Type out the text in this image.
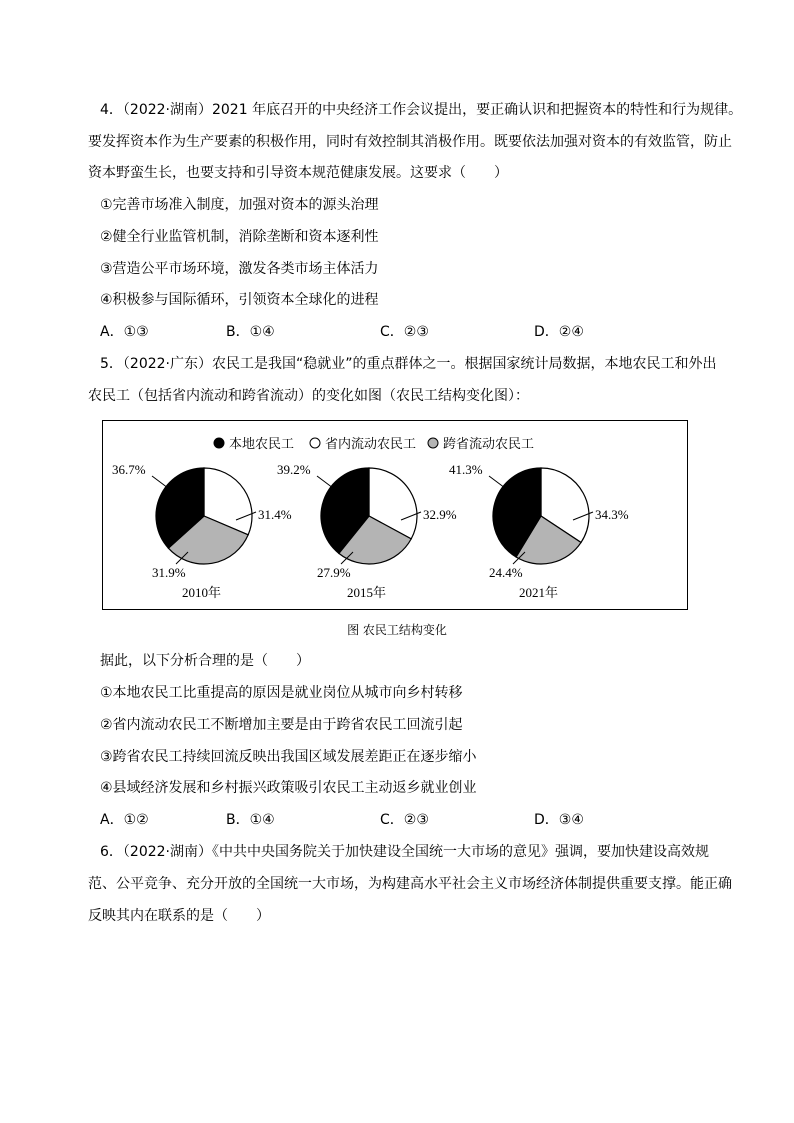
4．（2022·湖南）2021 年底召开的中央经济工作会议提出，要正确认识和把握资本的特性和行为规律。
要发挥资本作为生产要素的积极作用，同时有效控制其消极作用。既要依法加强对资本的有效监管，防止
资本野蛮生长，也要支持和引导资本规范健康发展。这要求（　　）
①完善市场准入制度，加强对资本的源头治理
②健全行业监管机制，消除垄断和资本逐利性
③营造公平市场环境，激发各类市场主体活力
④积极参与国际循环，引领资本全球化的进程
A．①③	B．①④	C．②③	D．②④
5．（2022·广东）农民工是我国“稳就业”的重点群体之一。根据国家统计局数据，本地农民工和外出
农民工（包括省内流动和跨省流动）的变化如图（农民工结构变化图）：
本地农民工 省内流动农民工 跨省流动农民工
36.7%
31.4%
31.9%
2010年
39.2%
32.9%
27.9%
2015年
41.3%
34.3%
24.4%
2021年
图 农民工结构变化
据此，以下分析合理的是（　　）
①本地农民工比重提高的原因是就业岗位从城市向乡村转移
②省内流动农民工不断增加主要是由于跨省农民工回流引起
③跨省农民工持续回流反映出我国区域发展差距正在逐步缩小
④县域经济发展和乡村振兴政策吸引农民工主动返乡就业创业
A．①②	B．①④	C．②③	D．③④
6．（2022·湖南）《中共中央国务院关于加快建设全国统一大市场的意见》强调，要加快建设高效规
范、公平竞争、充分开放的全国统一大市场，为构建高水平社会主义市场经济体制提供重要支撑。能正确
反映其内在联系的是（　　）
